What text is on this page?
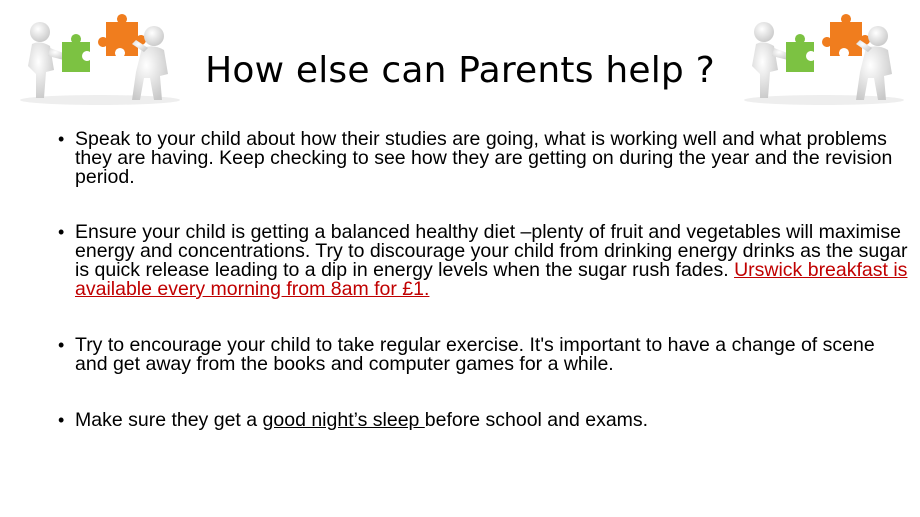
How else can Parents help ?
• Speak to your child about how their studies are going, what is working well and what problems they are having. Keep checking to see how they are getting on during the year and the revision period.
• Ensure your child is getting a balanced healthy diet –plenty of fruit and vegetables will maximise energy and concentrations. Try to discourage your child from drinking energy drinks as the sugar is quick release leading to a dip in energy levels when the sugar rush fades. Urswick breakfast is available every morning from 8am for £1.
• Try to encourage your child to take regular exercise. It's important to have a change of scene and get away from the books and computer games for a while.
• Make sure they get a good night’s sleep before school and exams.
